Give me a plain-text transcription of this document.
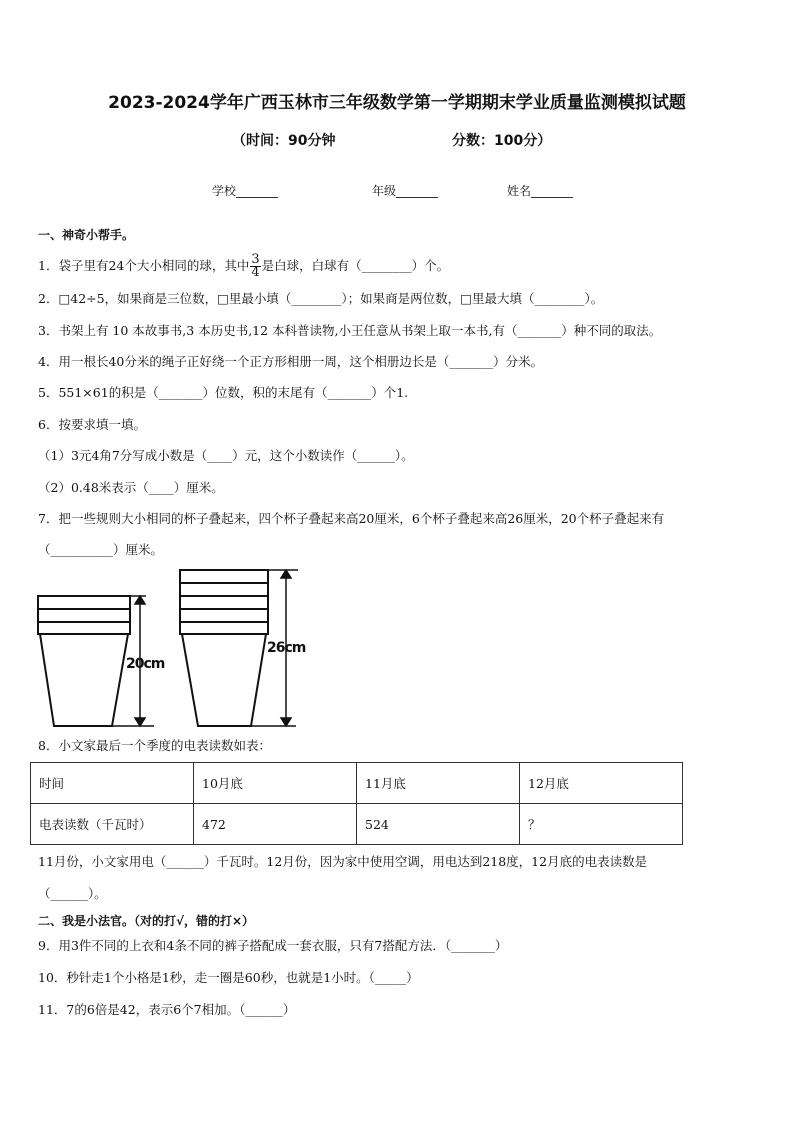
2023-2024学年广西玉林市三年级数学第一学期期末学业质量监测模拟试题
（时间：90分钟	分数：100分）
学校_______	年级_______	姓名_______
一、神奇小帮手。
1．袋子里有24个大小相同的球，其中 $\frac{3}{4}$ 是白球，白球有（________）个。
2．□42÷5，如果商是三位数，□里最小填（________）；如果商是两位数，□里最大填（________）。
3．书架上有 10 本故事书,3 本历史书,12 本科普读物,小王任意从书架上取一本书,有（_______）种不同的取法。
4．用一根长40分米的绳子正好绕一个正方形相册一周，这个相册边长是（_______）分米。
5．551×61的积是（_______）位数，积的末尾有（_______）个1.
6．按要求填一填。
（1）3元4角7分写成小数是（____）元，这个小数读作（______）。
（2）0.48米表示（____）厘米。
7．把一些规则大小相同的杯子叠起来，四个杯子叠起来高20厘米，6个杯子叠起来高26厘米，20个杯子叠起来有
（__________）厘米。
20cm
26cm
8．小文家最后一个季度的电表读数如表：
时间	10月底	11月底	12月底
电表读数（千瓦时）	472	524	？
11月份，小文家用电（______）千瓦时。12月份，因为家中使用空调，用电达到218度，12月底的电表读数是
（______）。
二、我是小法官。（对的打√，错的打×）
9．用3件不同的上衣和4条不同的裤子搭配成一套衣服，只有7搭配方法．（_______）
10．秒针走1个小格是1秒，走一圈是60秒，也就是1小时。（_____）
11．7的6倍是42，表示6个7相加。（______）
